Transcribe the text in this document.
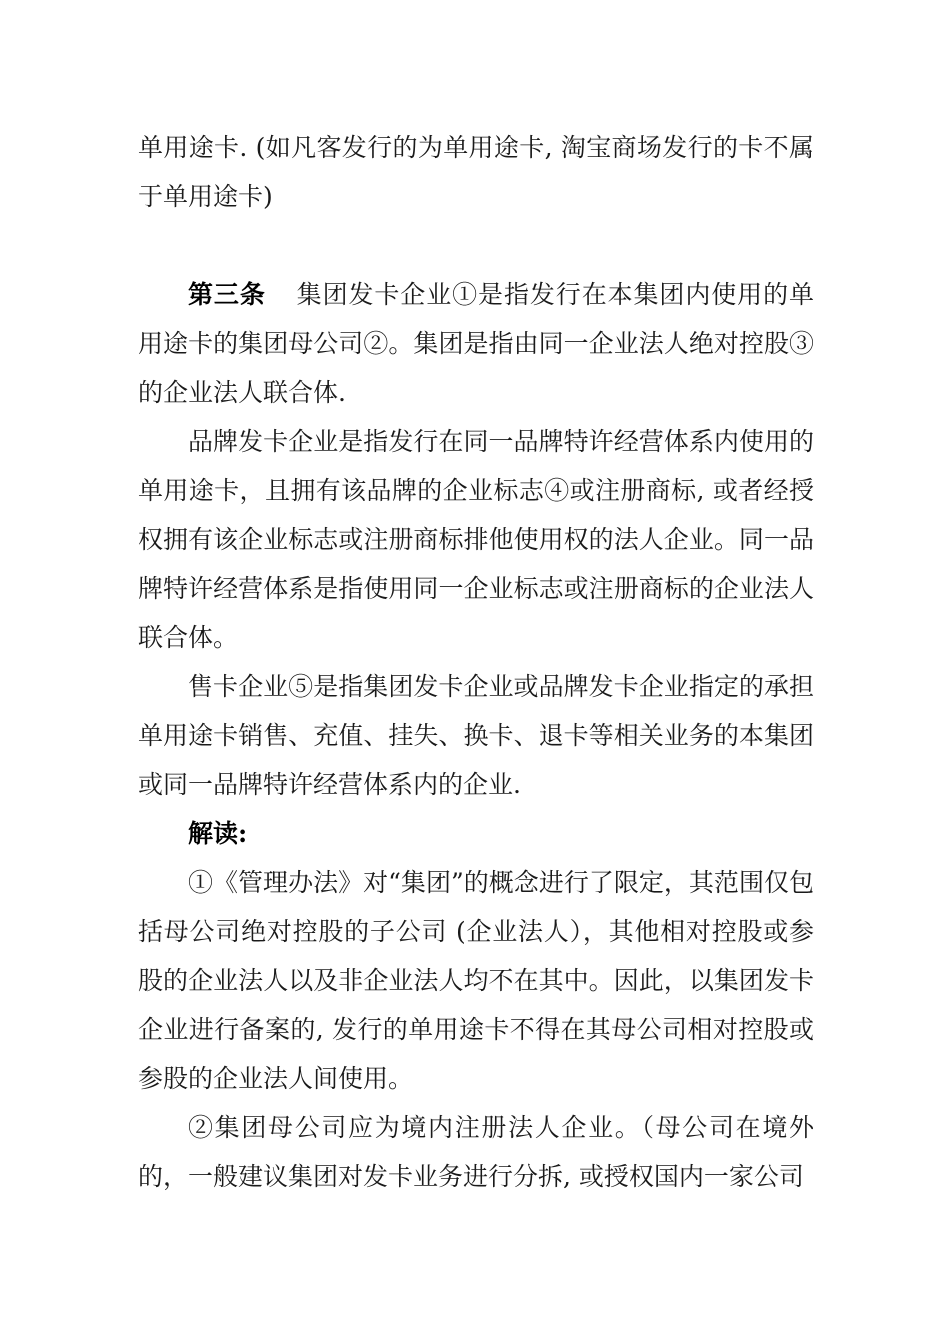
单用途卡. (如凡客发行的为单用途卡, 淘宝商场发行的卡不属于单用途卡)

第三条 集团发卡企业①是指发行在本集团内使用的单用途卡的集团母公司②。集团是指由同一企业法人绝对控股③的企业法人联合体.

品牌发卡企业是指发行在同一品牌特许经营体系内使用的单用途卡，且拥有该品牌的企业标志④或注册商标, 或者经授权拥有该企业标志或注册商标排他使用权的法人企业。同一品牌特许经营体系是指使用同一企业标志或注册商标的企业法人联合体。

售卡企业⑤是指集团发卡企业或品牌发卡企业指定的承担单用途卡销售、充值、挂失、换卡、退卡等相关业务的本集团或同一品牌特许经营体系内的企业.

解读:

①《管理办法》对“集团”的概念进行了限定，其范围仅包括母公司绝对控股的子公司 (企业法人），其他相对控股或参股的企业法人以及非企业法人均不在其中。因此，以集团发卡企业进行备案的, 发行的单用途卡不得在其母公司相对控股或参股的企业法人间使用。

②集团母公司应为境内注册法人企业。（母公司在境外的，一般建议集团对发卡业务进行分拆, 或授权国内一家公司
